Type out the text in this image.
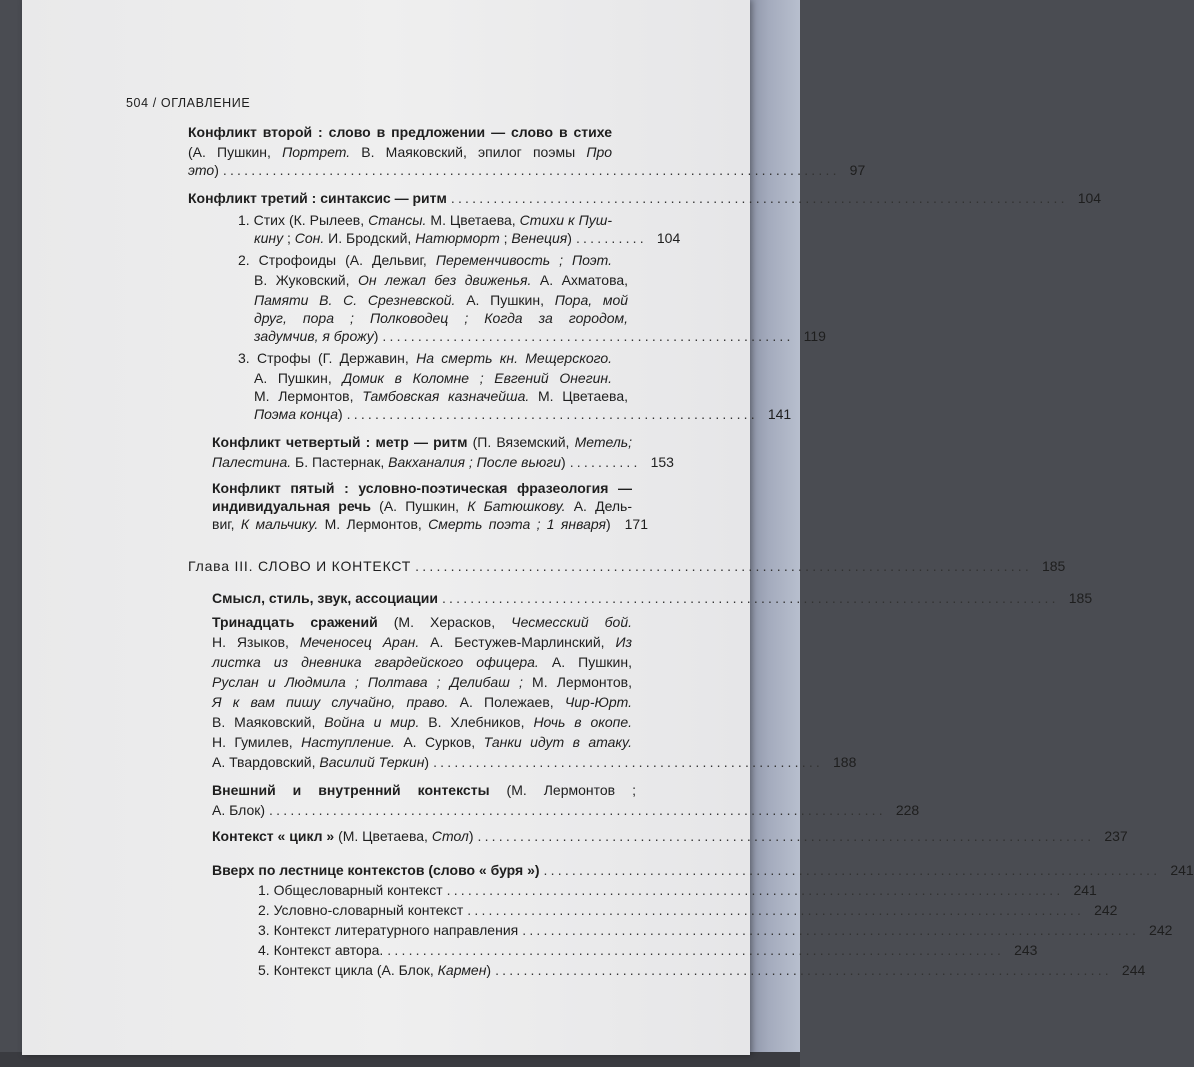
504 / ОГЛАВЛЕНИЕ
Конфликт второй : слово в предложении — слово в стихе
(А. Пушкин, Портрет. В. Маяковский, эпилог поэмы Про
это) ....................................................................................... 97
Конфликт третий : синтаксис — ритм ....................................................................................... 104
1. Стих (К. Рылеев, Стансы. М. Цветаева, Стихи к Пуш-
кину ; Сон. И. Бродский, Натюрморт ; Венеция) .......... 104
2. Строфоиды (А. Дельвиг, Переменчивость ; Поэт.
В. Жуковский, Он лежал без движенья. А. Ахматова,
Памяти В. С. Срезневской. А. Пушкин, Пора, мой
друг, пора ; Полководец ; Когда за городом,
задумчив, я брожу) .......................................................... 119
3. Строфы (Г. Державин, На смерть кн. Мещерского.
А. Пушкин, Домик в Коломне ; Евгений Онегин.
М. Лермонтов, Тамбовская казначейша. М. Цветаева,
Поэма конца) .......................................................... 141
Конфликт четвертый : метр — ритм (П. Вяземский, Метель;
Палестина. Б. Пастернак, Вакханалия ; После вьюги) .......... 153
Конфликт пятый : условно-поэтическая фразеология —
индивидуальная речь (А. Пушкин, К Батюшкову. А. Дель-
виг, К мальчику. М. Лермонтов, Смерть поэта ; 1 января) 171
Глава III. СЛОВО И КОНТЕКСТ ....................................................................................... 185
Смысл, стиль, звук, ассоциации ....................................................................................... 185
Тринадцать сражений (М. Херасков, Чесмесский бой.
Н. Языков, Меченосец Аран. А. Бестужев-Марлинский, Из
листка из дневника гвардейского офицера. А. Пушкин,
Руслан и Людмила ; Полтава ; Делибаш ; М. Лермонтов,
Я к вам пишу случайно, право. А. Полежаев, Чир-Юрт.
В. Маяковский, Война и мир. В. Хлебников, Ночь в окопе.
Н. Гумилев, Наступление. А. Сурков, Танки идут в атаку.
А. Твардовский, Василий Теркин) ....................................................... 188
Внешний и внутренний контексты (М. Лермонтов ;
А. Блок) ....................................................................................... 228
Контекст « цикл » (М. Цветаева, Стол) ....................................................................................... 237
Вверх по лестнице контекстов (слово « буря ») ....................................................................................... 241
1. Общесловарный контекст ....................................................................................... 241
2. Условно-словарный контекст ....................................................................................... 242
3. Контекст литературного направления ....................................................................................... 242
4. Контекст автора. ....................................................................................... 243
5. Контекст цикла (А. Блок, Кармен) ....................................................................................... 244
